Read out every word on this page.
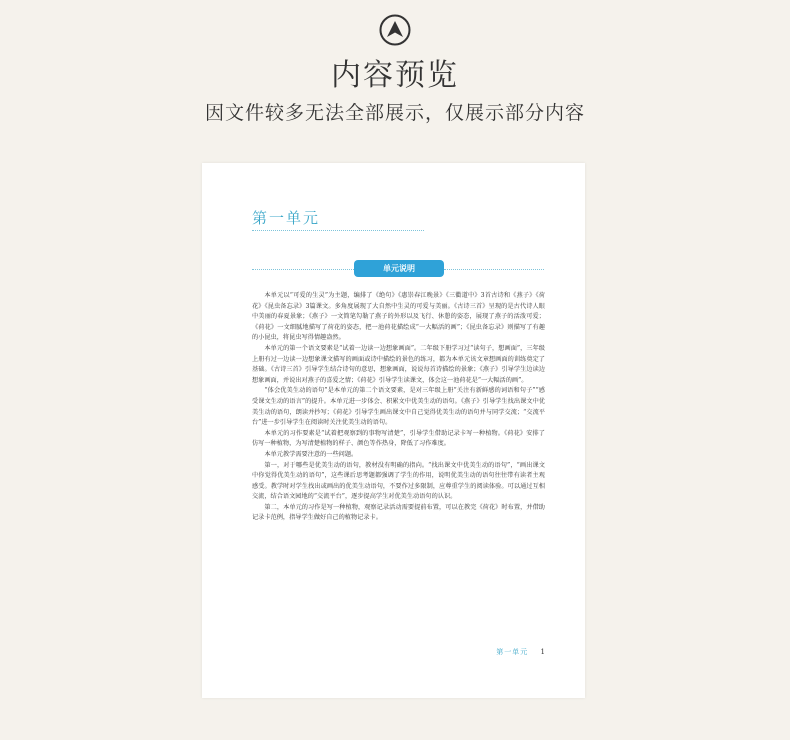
内容预览
因文件较多无法全部展示，仅展示部分内容
第一单元
单元说明

本单元以“可爱的生灵”为主题，编排了《绝句》《惠崇春江晚景》《三衢道中》3首古诗和《燕子》《荷花》《昆虫备忘录》3篇课文。多角度展现了大自然中生灵的可爱与美丽。《古诗三首》呈现的是古代诗人眼中美丽的春夏景象；《燕子》一文简笔勾勒了燕子的外形以及飞行、休憩的姿态，展现了燕子的活泼可爱；《荷花》一文细腻地描写了荷花的姿态，把一池荷花描绘成“一大幅活的画”；《昆虫备忘录》则描写了有趣的小昆虫，将昆虫写得情趣盎然。

本单元的第一个语文要素是“试着一边读一边想象画面”。二年级下册学习过“读句子，想画面”，三年级上册有过一边读一边想象课文描写的画面或诗中描绘的景色的练习，都为本单元该文章想画面的训练奠定了基础。《古诗三首》引导学生结合诗句的意思，想象画面，说说每首诗描绘的景象；《燕子》引导学生边读边想象画面，并说出对燕子的喜爱之情；《荷花》引导学生读课文，体会这一池荷花是“一大幅活的画”。

“体会优美生动的语句”是本单元的第二个语文要素，是对三年级上册“关注有新鲜感的词语和句子”“感受课文生动的语言”的提升。本单元进一步体会、积累文中优美生动的语句。《燕子》引导学生找出课文中优美生动的语句，朗读并抄写；《荷花》引导学生画出课文中自己觉得优美生动的语句并与同学交流；“交流平台”进一步引导学生在阅读时关注优美生动的语句。

本单元的习作要素是“试着把观察到的事物写清楚”，引导学生借助记录卡写一种植物。《荷花》安排了仿写一种植物，为写清楚植物的样子、颜色等作热身，降低了习作难度。

本单元教学需要注意的一些问题。

第一，对于哪些是优美生动的语句，教材没有明确的指向。“找出课文中优美生动的语句”，“画出课文中你觉得优美生动的语句”，这些课后思考题都强调了学生的作用，说明优美生动的语句往往带有读者主观感受。教学时对学生找出或画出的优美生动语句，不要作过多限制，应尊重学生的阅读体验。可以通过互相交流，结合语文园地的“交流平台”，逐步提高学生对优美生动语句的认识。

第二，本单元的习作是写一种植物，观察记录活动需要提前布置，可以在教完《荷花》时布置，并借助记录卡范例，指导学生做好自己的植物记录卡。

第一单元 1
